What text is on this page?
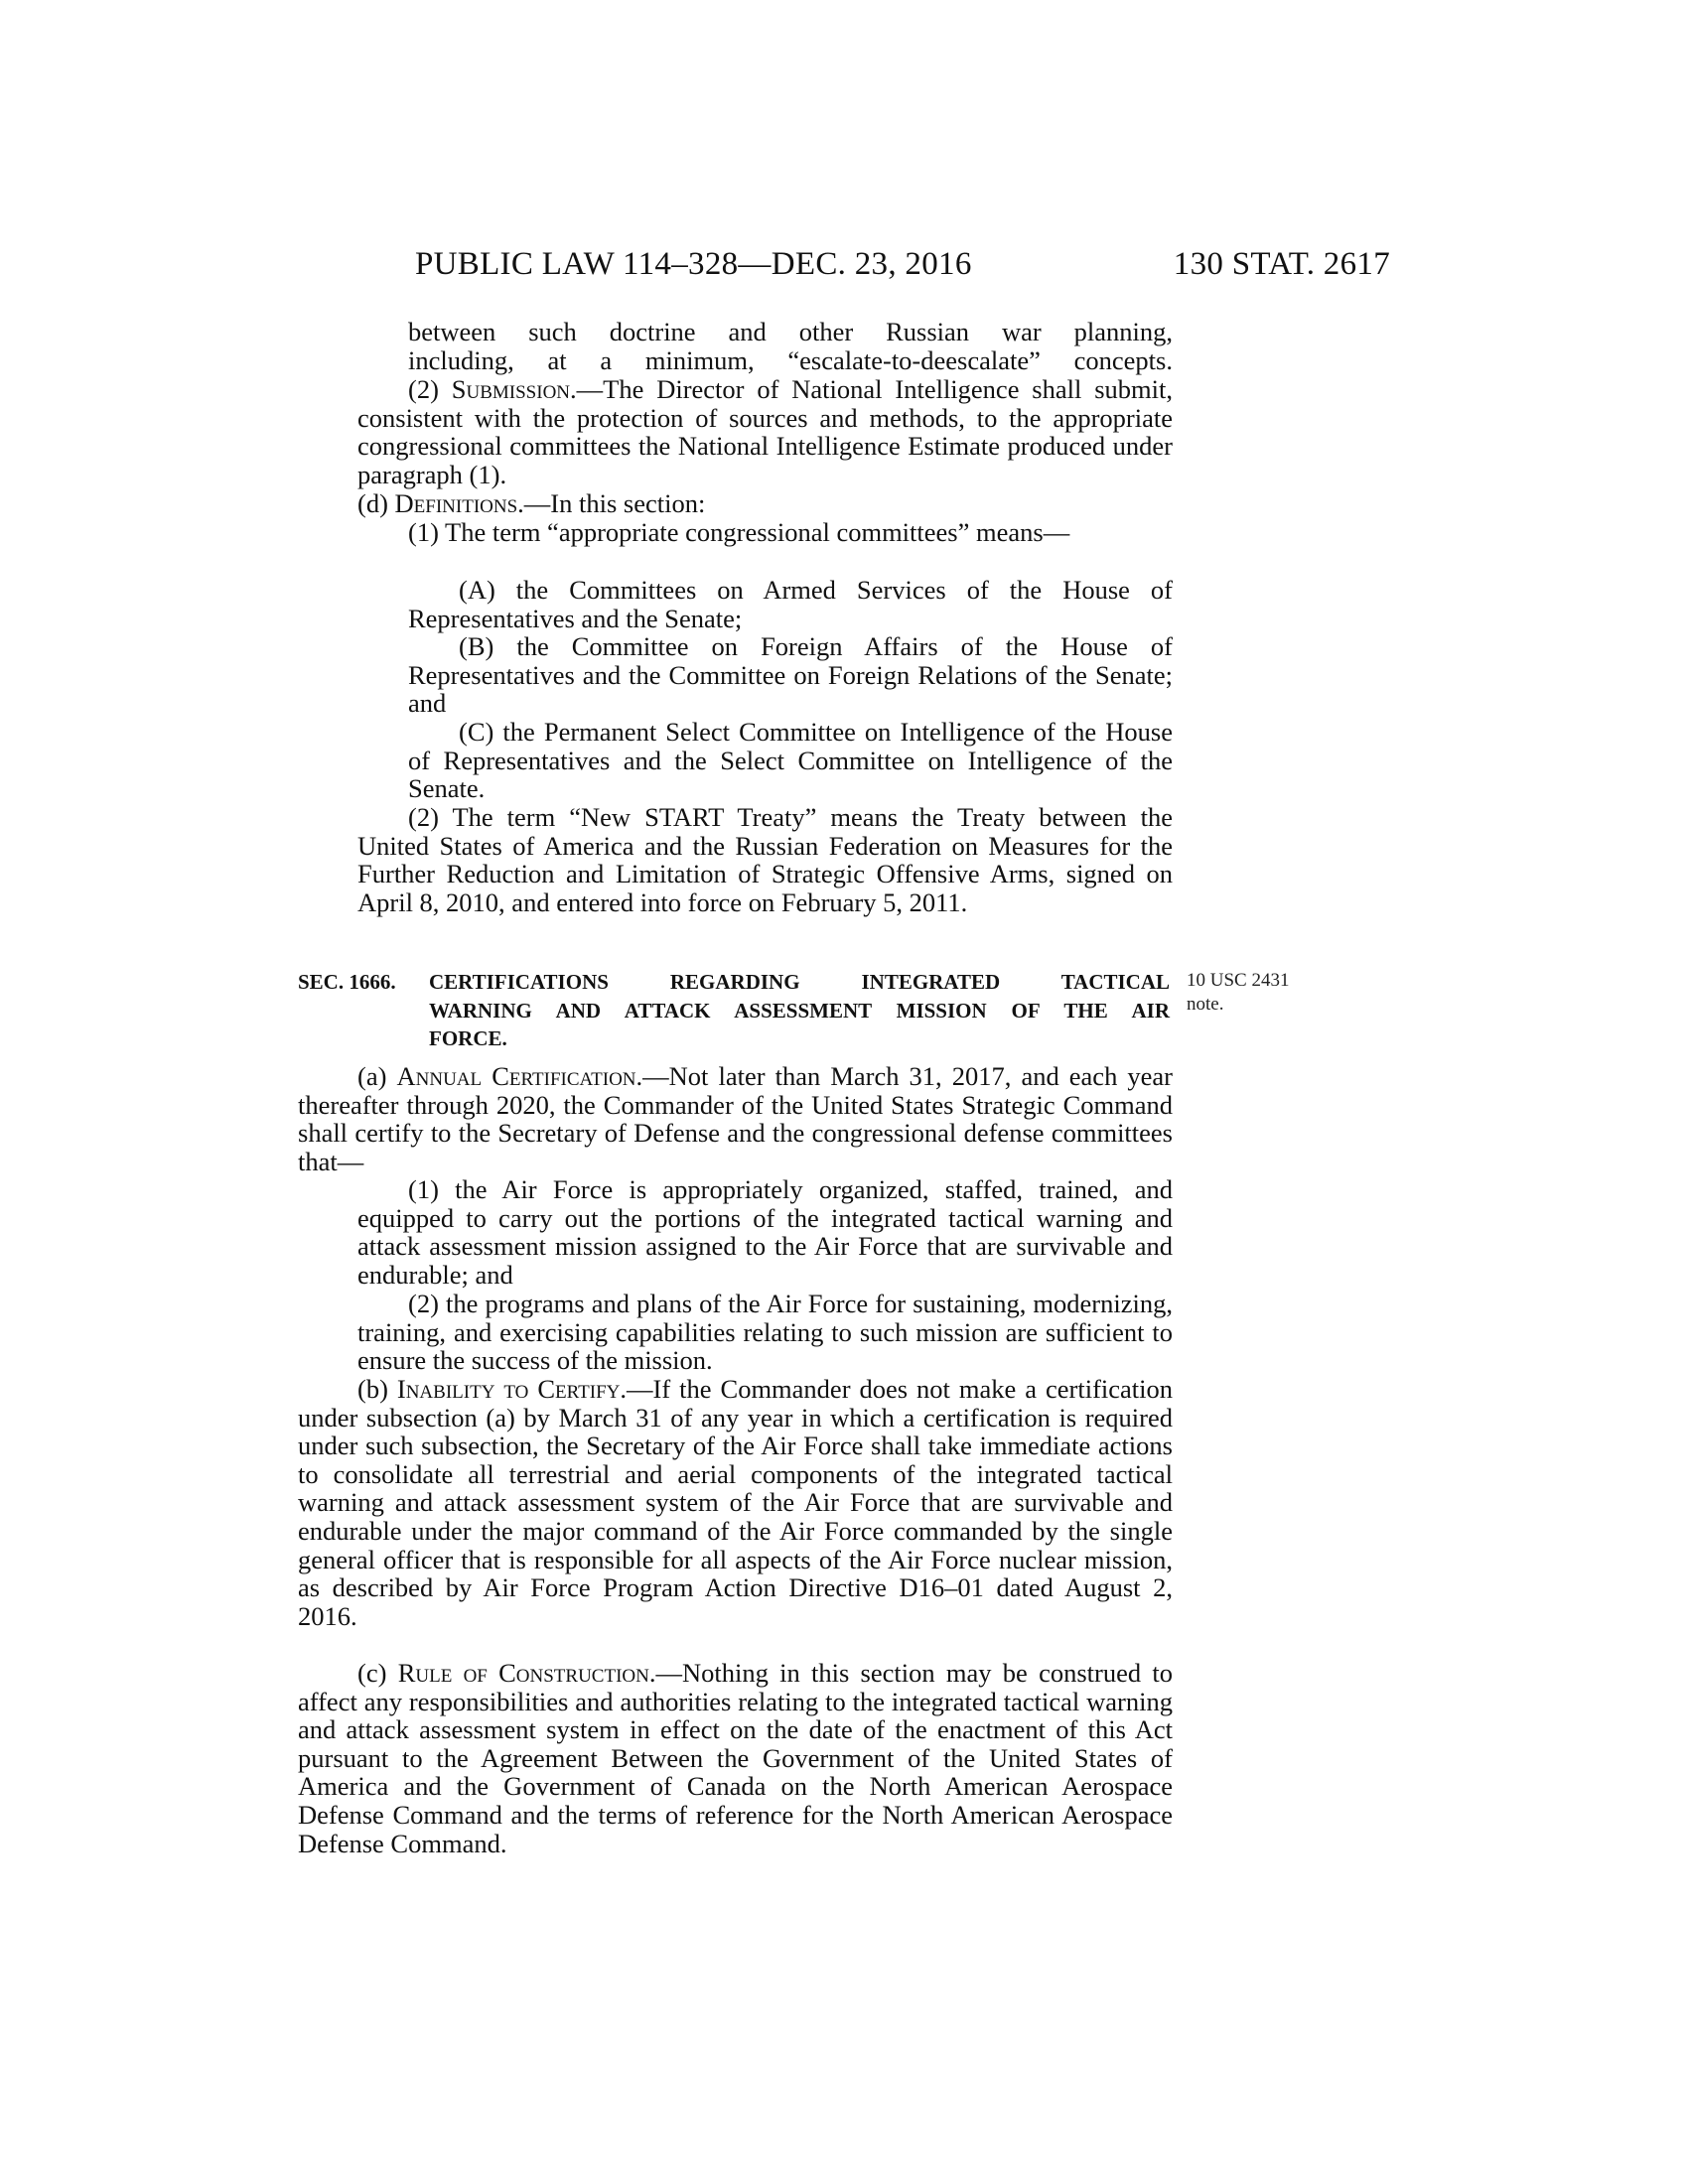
PUBLIC LAW 114–328—DEC. 23, 2016	130 STAT. 2617

between such doctrine and other Russian war planning,

including, at a minimum, “escalate-to-deescalate” concepts.

(2) Submission.—The Director of National Intelligence shall submit, consistent with the protection of sources and methods, to the appropriate congressional committees the National Intelligence Estimate produced under paragraph (1).

(d) Definitions.—In this section:

(1) The term “appropriate congressional committees” means—

(A) the Committees on Armed Services of the House of Representatives and the Senate;

(B) the Committee on Foreign Affairs of the House of Representatives and the Committee on Foreign Relations of the Senate; and

(C) the Permanent Select Committee on Intelligence of the House of Representatives and the Select Committee on Intelligence of the Senate.

(2) The term “New START Treaty” means the Treaty between the United States of America and the Russian Federation on Measures for the Further Reduction and Limitation of Strategic Offensive Arms, signed on April 8, 2010, and entered into force on February 5, 2011.

SEC. 1666. CERTIFICATIONS REGARDING INTEGRATED TACTICAL
WARNING AND ATTACK ASSESSMENT MISSION OF THE AIR
FORCE.
10 USC 2431
note.

(a) Annual Certification.—Not later than March 31, 2017, and each year thereafter through 2020, the Commander of the United States Strategic Command shall certify to the Secretary of Defense and the congressional defense committees that—

(1) the Air Force is appropriately organized, staffed, trained, and equipped to carry out the portions of the integrated tactical warning and attack assessment mission assigned to the Air Force that are survivable and endurable; and

(2) the programs and plans of the Air Force for sustaining, modernizing, training, and exercising capabilities relating to such mission are sufficient to ensure the success of the mission.

(b) Inability to Certify.—If the Commander does not make a certification under subsection (a) by March 31 of any year in which a certification is required under such subsection, the Secretary of the Air Force shall take immediate actions to consolidate all terrestrial and aerial components of the integrated tactical warning and attack assessment system of the Air Force that are survivable and endurable under the major command of the Air Force commanded by the single general officer that is responsible for all aspects of the Air Force nuclear mission, as described by Air Force Program Action Directive D16–01 dated August 2, 2016.

(c) Rule of Construction.—Nothing in this section may be construed to affect any responsibilities and authorities relating to the integrated tactical warning and attack assessment system in effect on the date of the enactment of this Act pursuant to the Agreement Between the Government of the United States of America and the Government of Canada on the North American Aerospace Defense Command and the terms of reference for the North American Aerospace Defense Command.
